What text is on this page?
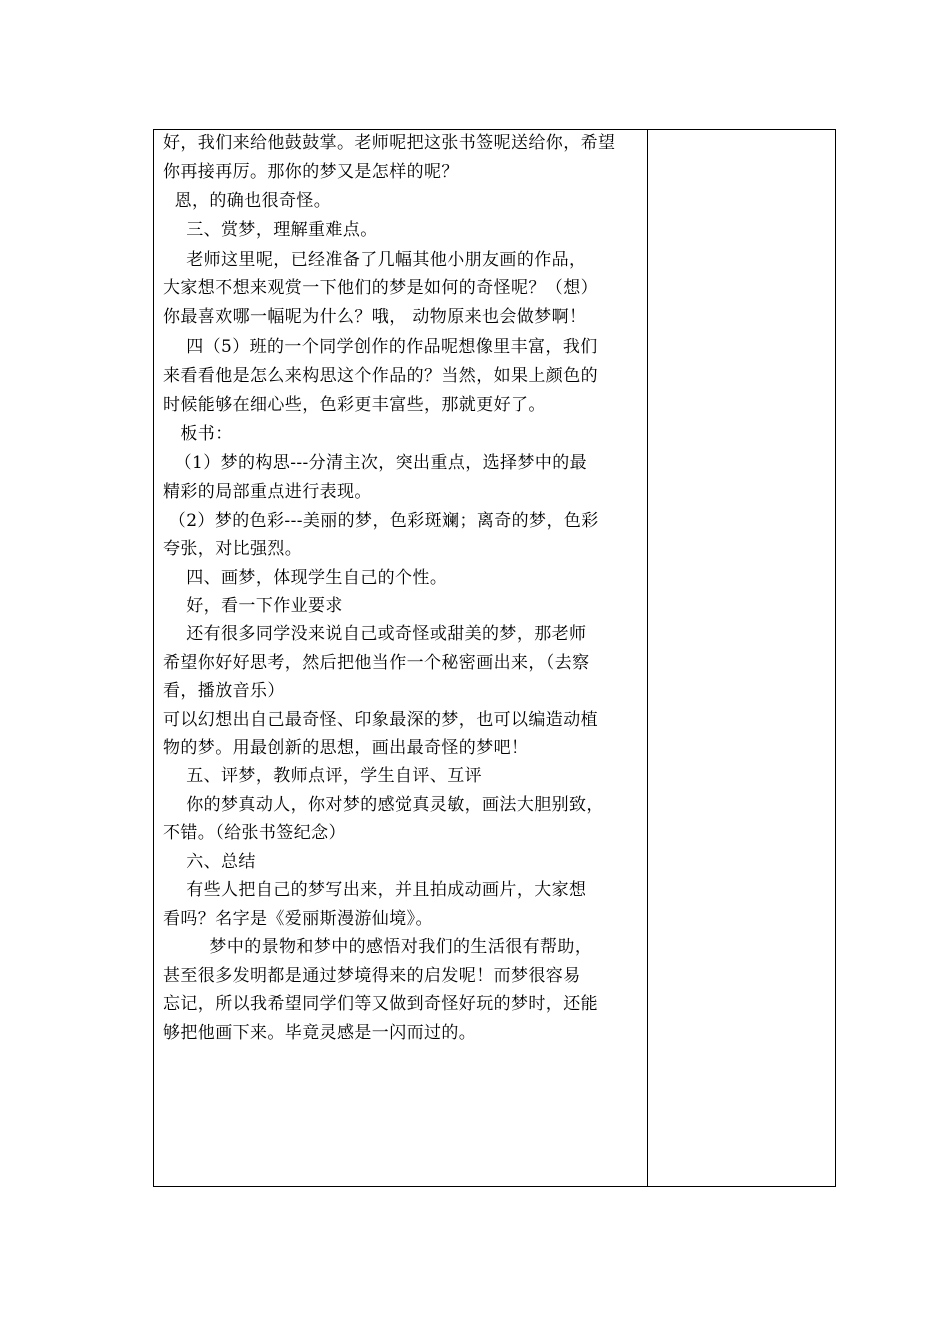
好，我们来给他鼓鼓掌。老师呢把这张书签呢送给你，希望
你再接再厉。那你的梦又是怎样的呢？
恩，的确也很奇怪。
三、赏梦，理解重难点。
老师这里呢，已经准备了几幅其他小朋友画的作品，
大家想不想来观赏一下他们的梦是如何的奇怪呢？（想）
你最喜欢哪一幅呢为什么？哦， 动物原来也会做梦啊！
四（5）班的一个同学创作的作品呢想像里丰富，我们
来看看他是怎么来构思这个作品的？当然，如果上颜色的
时候能够在细心些，色彩更丰富些，那就更好了。
板书：
（1）梦的构思---分清主次，突出重点，选择梦中的最
精彩的局部重点进行表现。
（2）梦的色彩---美丽的梦，色彩斑斓；离奇的梦，色彩
夸张，对比强烈。
四、画梦，体现学生自己的个性。
好，看一下作业要求
还有很多同学没来说自己或奇怪或甜美的梦，那老师
希望你好好思考，然后把他当作一个秘密画出来，（去察
看，播放音乐）
可以幻想出自己最奇怪、印象最深的梦，也可以编造动植
物的梦。用最创新的思想，画出最奇怪的梦吧！
五、评梦，教师点评，学生自评、互评
你的梦真动人，你对梦的感觉真灵敏，画法大胆别致，
不错。（给张书签纪念）
六、总结
有些人把自己的梦写出来，并且拍成动画片，大家想
看吗？名字是《爱丽斯漫游仙境》。
梦中的景物和梦中的感悟对我们的生活很有帮助，
甚至很多发明都是通过梦境得来的启发呢！而梦很容易
忘记，所以我希望同学们等又做到奇怪好玩的梦时，还能
够把他画下来。毕竟灵感是一闪而过的。
